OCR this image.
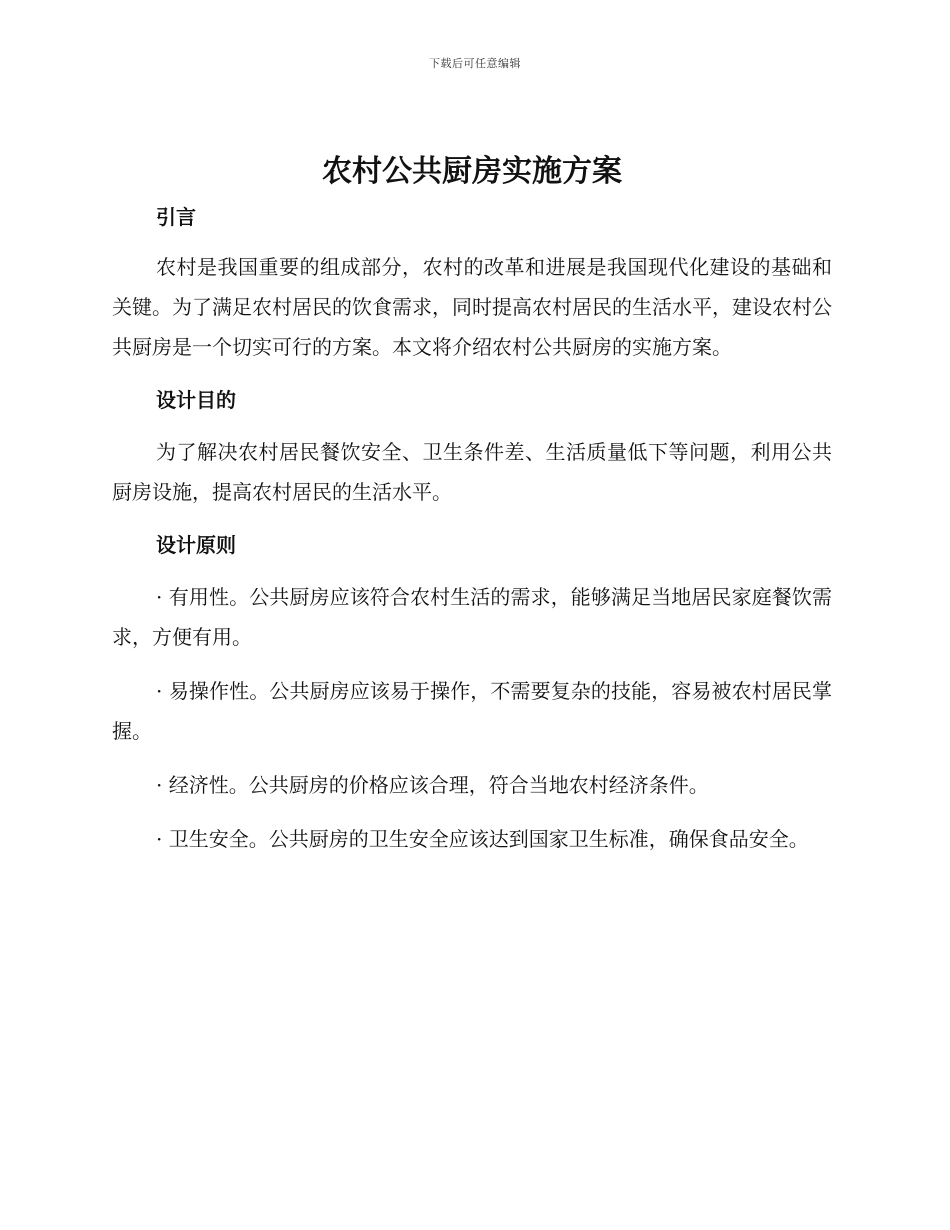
下载后可任意编辑
农村公共厨房实施方案
引言

农村是我国重要的组成部分，农村的改革和进展是我国现代化建设的基础和关键。为了满足农村居民的饮食需求，同时提高农村居民的生活水平，建设农村公共厨房是一个切实可行的方案。本文将介绍农村公共厨房的实施方案。

设计目的

为了解决农村居民餐饮安全、卫生条件差、生活质量低下等问题，利用公共厨房设施，提高农村居民的生活水平。

设计原则

· 有用性。公共厨房应该符合农村生活的需求，能够满足当地居民家庭餐饮需求，方便有用。

· 易操作性。公共厨房应该易于操作，不需要复杂的技能，容易被农村居民掌握。

· 经济性。公共厨房的价格应该合理，符合当地农村经济条件。

· 卫生安全。公共厨房的卫生安全应该达到国家卫生标准，确保食品安全。
